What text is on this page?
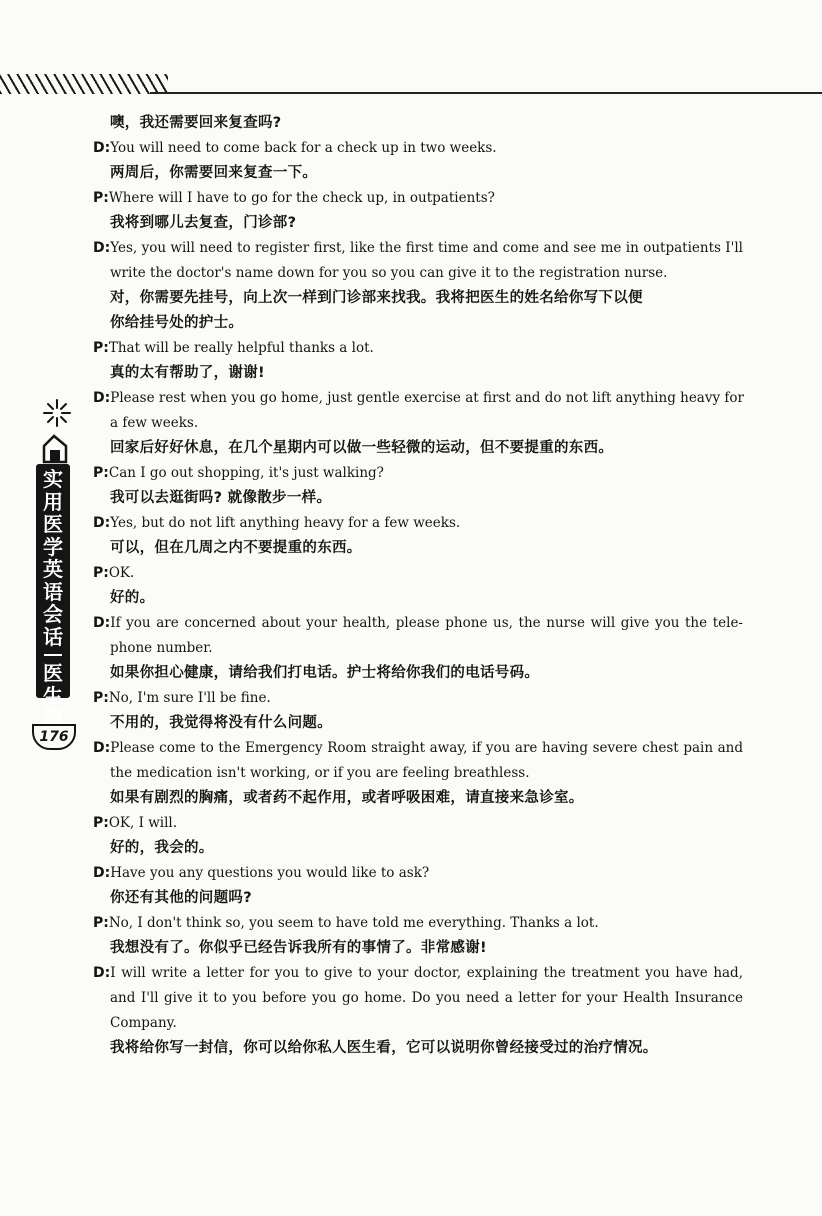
实用医学英语会话
医生篇
176
噢，我还需要回来复查吗?
D:You will need to come back for a check up in two weeks.
两周后，你需要回来复查一下。
P:Where will I have to go for the check up, in outpatients?
我将到哪儿去复查，门诊部?
D:Yes, you will need to register first, like the first time and come and see me in outpatients I'll
write the doctor's name down for you so you can give it to the registration nurse.
对，你需要先挂号，向上次一样到门诊部来找我。我将把医生的姓名给你写下以便
你给挂号处的护士。
P:That will be really helpful thanks a lot.
真的太有帮助了，谢谢!
D:Please rest when you go home, just gentle exercise at first and do not lift anything heavy for
a few weeks.
回家后好好休息，在几个星期内可以做一些轻微的运动，但不要提重的东西。
P:Can I go out shopping, it's just walking?
我可以去逛街吗? 就像散步一样。
D:Yes, but do not lift anything heavy for a few weeks.
可以，但在几周之内不要提重的东西。
P:OK.
好的。
D:If you are concerned about your health, please phone us, the nurse will give you the tele-
phone number.
如果你担心健康，请给我们打电话。护士将给你我们的电话号码。
P:No, I'm sure I'll be fine.
不用的，我觉得将没有什么问题。
D:Please come to the Emergency Room straight away, if you are having severe chest pain and
the medication isn't working, or if you are feeling breathless.
如果有剧烈的胸痛，或者药不起作用，或者呼吸困难，请直接来急诊室。
P:OK, I will.
好的，我会的。
D:Have you any questions you would like to ask?
你还有其他的问题吗?
P:No, I don't think so, you seem to have told me everything. Thanks a lot.
我想没有了。你似乎已经告诉我所有的事情了。非常感谢!
D:I will write a letter for you to give to your doctor, explaining the treatment you have had,
and I'll give it to you before you go home. Do you need a letter for your Health Insurance
Company.
我将给你写一封信，你可以给你私人医生看，它可以说明你曾经接受过的治疗情况。
